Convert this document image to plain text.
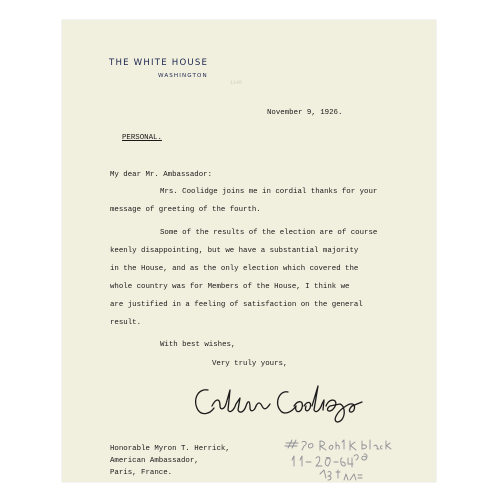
THE WHITE HOUSE
WASHINGTON
1145
November 9, 1926.
PERSONAL.
My dear Mr. Ambassador:
Mrs. Coolidge joins me in cordial thanks for your
message of greeting of the fourth.
Some of the results of the election are of course
keenly disappointing, but we have a substantial majority
in the House, and as the only election which covered the
whole country was for Members of the House, I think we
are justified in a feeling of satisfaction on the general
result.
With best wishes,
Very truly yours,
Honorable Myron T. Herrick,
American Ambassador,
Paris, France.
